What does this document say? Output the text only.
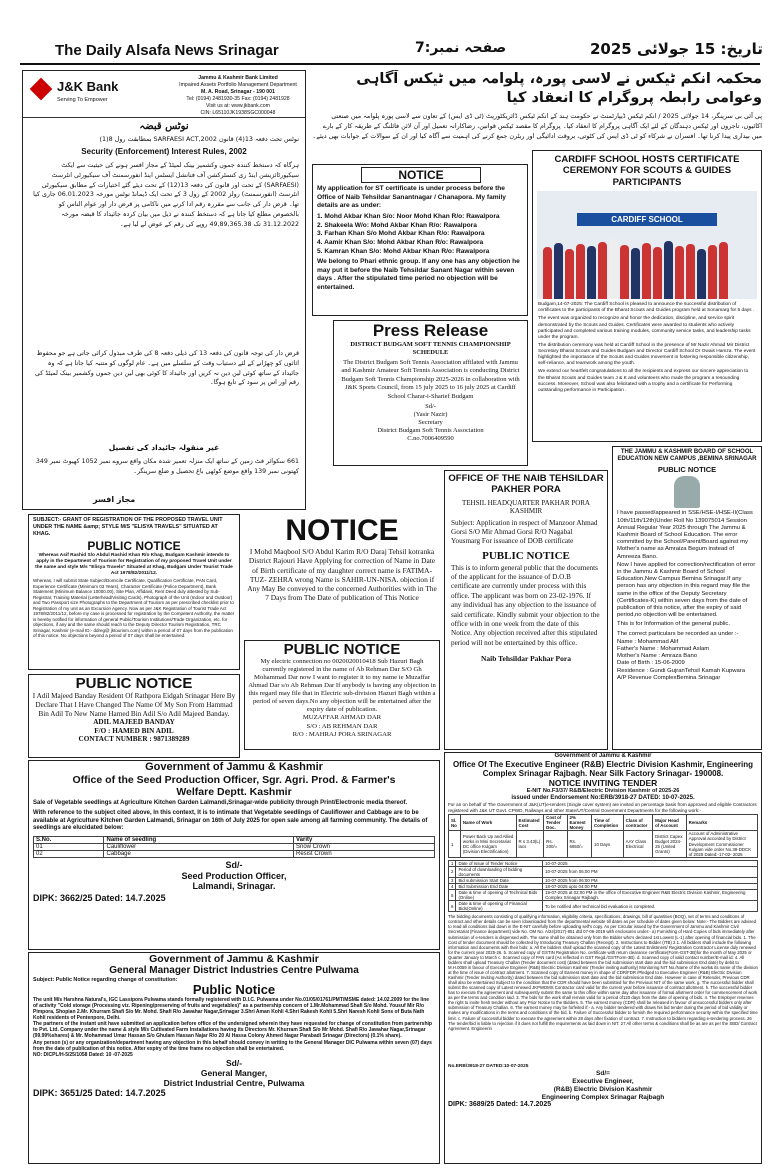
The Daily Alsafa News Srinagar	صفحہ نمبر:7	تاریخ: 15 جولائی 2025
J&K Bank
Serving To Empower
Jammu & Kashmir Bank Limited
Impaired Assets Portfolio Management Department
M. A. Road, Srinagar - 190 001
Tel: (0194) 2481930-35 Fax: (0194) 2481928
Visit us at: www.jkbank.com
CIN: L65110JK1938SGC000048
نوٹس قبضہ
نوٹس تحت دفعہ 13(4) قانون SARFAESI ACT,2002 بمطابقت رول 8(1)
Security (Enforcement) Interest Rules, 2002
ہرگاہ کہ دستخط کنندہ جموں وکشمیر بینک لمیٹڈ کے مجاز افسر ہونے کی حیثیت سے ایکٹ سیکیورٹائزیشن اینڈ ری کنسٹرکشن آف فنانشل ایسٹس اینڈ انفورسمنٹ آف سیکیورٹی انٹرسٹ (SARFAESI) کے تحت اور قانون کی دفعہ 13(12) کے تحت دیئے گئے اختیارات کے مطابق سیکیورٹی انٹرسٹ (انفورسمنٹ) رولز 2002 کے رول 3 کے تحت ایک ڈیمانڈ نوٹس مورخہ 06.01.2023 جاری کیا تھا۔ قرض دار کی جانب سے مقررہ رقم ادا کرنے میں ناکامی پر قرض دار اور عوام الناس کو بالخصوص مطلع کیا جاتا ہے کہ دستخط کنندہ نے ذیل میں بیان کردہ جائیداد کا قبضہ مورخہ 31.12.2022 تک 49,89,365.38 روپے کی رقم کے عوض لے لیا ہے۔
قرض دار کی توجہ قانون کی دفعہ 13 کی ذیلی دفعہ 8 کی طرف مبذول کرائی جاتی ہے جو محفوظ اثاثوں کو چھڑانے کے لئے دستیاب وقت کے سلسلے میں ہے۔ عام لوگوں کو متنبہ کیا جاتا ہے کہ وہ جائیداد کے ساتھ کوئی لین دین نہ کریں اور جائیداد کا کوئی بھی لین دین جموں وکشمیر بینک لمیٹڈ کی رقم اور اس پر سود کے تابع ہوگا۔
غیر منقولہ جائیداد کی تفصیل
661 سکوائر فٹ زمین کے ساتھ ایک منزلہ تعمیر شدہ مکان واقع سروے نمبر 1052 کھیوٹ نمبر 349 کھتونی نمبر 139 واقع موضع کوٹھی باغ تحصیل و ضلع سرینگر۔
مجاز افسر
محکمہ انکم ٹیکس نے لاسی پورہ، پلوامہ میں ٹیکس آگاہی وعوامی رابطہ پروگرام کا انعقاد کیا
پی آئی بی سرینگر، 14 جولائی 2025 / انکم ٹیکس ڈیپارٹمنٹ نے حکومت ہند کے انکم ٹیکس ڈائریکٹوریٹ (ٹی ڈی ایس) کے تعاون سے لاسی پورہ پلوامہ میں صنعتی اکائیوں، تاجروں اور ٹیکس دہندگان کے لئے ایک آگاہی پروگرام کا انعقاد کیا۔ پروگرام کا مقصد ٹیکس قوانین، رضاکارانہ تعمیل اور آن لائن فائلنگ کے طریقہ کار کے بارے میں بیداری پیدا کرنا تھا۔ افسران نے شرکاء کو ٹی ڈی ایس کی کٹوتی، بروقت ادائیگی اور ریٹرن جمع کرنے کی اہمیت سے آگاہ کیا اور ان کے سوالات کے جوابات بھی دیئے۔
NOTICE
My application for ST certificate is under process before the Office of Naib Tehsildar Sanantnagar / Chanapora. My family details are as under:
1. Mohd Akbar Khan S/o: Noor Mohd Khan R/o: Rawalpora
2. Shakeela W/o: Mohd Akbar Khan R/o: Rawalpora
3. Farhan Khan S/o Mohd Akbar Khan R/o: Rawalpora
4. Aamir Khan S/o: Mohd Akbar Khan R/o: Rawalpora
5. Kamran Khan S/o: Mohd Akbar Khan R/o: Rawalpora
We belong to Phari ethnic group. If any one has any objection he may put it before the Naib Tehsildar Sanant Nagar within seven days . After the stipulated time period no objection will be entertained.
CARDIFF SCHOOL HOSTS CERTIFICATE CEREMONY FOR SCOUTS & GUIDES PARTICIPANTS
CARDIFF SCHOOL
Budgam,14-07-2025: The Cardiff School is pleased to announce the successful distribution of certificates to the participants of the Bharat Scouts and Guides program held at Sonamarg for 5 days .
The event was organized to recognize and honor the dedication, discipline, and service spirit demonstrated by the Scouts and Guides. Certificates were awarded to students who actively participated and completed various training modules, community service tasks, and leadership tasks under the program.
The distribution ceremony was held at Cardiff School in the presence of Mr Nazir Ahmad Mir District Secretary Bharat Scouts and Guides Budgam and Director Cardiff School Dr Owais Hamza. The event highlighted the importance of the Scouts and Guides movement in fostering responsible citizenship, self-reliance, and teamwork among the youth.
We extend our heartfelt congratulations to all the recipients and express our sincere appreciation to the Bharat Scouts and Guides team J & K and volunteers who made the program a resounding success. Moreover, School was also felicitated with a trophy and a certificate for Performing outstanding performance in Participation .
Press Release
DISTRICT BUDGAM SOFT TENNIS CHAMPIONSHIP SCHEDULE
The District Budgam Soft Tennis Association affilated with Jammu and Kashmir Amateur Soft Tennis Association is conducting District Budgam Soft Tennis Championship 2025-2026 in collaboration with J&K Sports Council, from 15 july 2025 to 16 july 2025 at Cardiff School Charar-i-Sharief Budgam
Sd/-
(Yasir Nazir)
Secretary
District Budgam Soft Tennis Association
C.no.7006409590
SUBJECT:- GRANT OF REGISTRATION OF THE PROPOSED TRAVEL UNIT UNDER THE NAME &amp; STYLE M/S "ELISYA TRAVELS" SITUATED AT KHAG.
PUBLIC NOTICE
Whereas Asif Rashid S/o Abdul Rashid Khan R/o Khag, Budgam Kashmir intends to apply in the Department of Tourism for Registration of my proposed Travel Unit under the name and style M/s "Elisya Travels" Situated at Khag, Budgam Under Tourist Trade Act 1978/82/2011/12.
Whereas, I will submit State Subject/Domicile Certificate, Qualification Certificate, PAN Card, Experience Certificate (Minimum 03 Years), Character Certificate (Police Department), Bank Statement (Minimum Balance 10000.00), Site Plan, Affidavit, Rent Deed duly attested by Sub- Registrar, Training Material (Letterhead/Visiting Cards), Photograph of the Unit (Indoor and Outdoor) and Two Passport size Photographs to the Department of Tourism as per prescribed checklist prior to Registration of my unit as an Excursion Agency. Now as per J&K Registration of Tourist Trade Act 1978/82/2011/12, before my case is processed for registration by the Competent Authority, the matter is hereby notified for information of general Public/Tourism Institutions/Trade Organization, etc. for objections, if any and the same should reach to the Deputy Director Tourism Registration, TRC Srinagar, Kashmir (e-mail ID:- ddreg@ jktourism.com) within a period of 07 days from the publication of this notice. No objections beyond a period of 07 days shall be entertained.
NOTICE
I Mohd Maqbool S/O Abdul Karim R/O Daraj Tehsil kotranka District Rajouri Have Applying for correction of Name in Date of Birth certificate of my daughter correct name is FATIMA-TUZ- ZEHRA wrong Name is SAHIR-UN-NISA. objection if Any May Be conveyed to the concerned Authorities with in The 7 Days from The Date of publication of This Notice
OFFICE OF THE NAIB TEHSILDAR PAKHER PORA
TEHSIL HEADQUARTER PAKHAR PORA KASHMIR
Subject: Application in respect of Manzoor Ahmad Gorsi S/O Mir Ahmad Gorsi R/O Nagabal Yousmarg For issuance of DOB certificate
PUBLIC NOTICE
This is to inform general public that the documents of the applicant for the issuance of D.O.B certificate are currently under process with this office. The applicant was born on 23-02-1976. If any individual has any objection to the issuance of said certificate. Kindly submit your objection to the office with in one week from the date of this Notice. Any objection received after this stipulated period will not be entertained by this office.
Naib Tehsildar Pakhar Pora
THE JAMMU & KASHMIR BOARD OF SCHOOL EDUCATION NEW CAMPUS ,BEMINA SRINAGAR
PUBLIC NOTICE
I have passed/appeared in SSE/HSE-I/HSE-II(Class 10th/11th/12th)Under Roll No 139075014 Session Annual Regular Year 2025 through The Jammu & Kashmir Board of School Education. The error committed by the School/Parent/Board against my Mother's name as Amraiza Begum instead of Amreeza Bano.
Now I have applied for correction/rectification of error in the Jammu & Kashmir Board of School Education,New Campus Bemina Srinagar.If any person has any objection in this regard may file the same in the office of the Deputy Secretary (Certificates-K) within seven days from the date of publication of this notice, after the expiry of said period,no objection will be entertained.
This is for Information of the general public.
The correct particulars be recorded as under :-
Name : Mohammad Alif
Father's Name : Mohammad Aslam
Mother's Name : Amraza Bano
Date of Birth : 15-06-2009
Residence : Gundi GujranTehsil Kamah Kupwara
A/P Revenue ComplexBemina Srinagar
PUBLIC NOTICE
I Adil Majeed Banday Resident Of Rathpora Eidgah Srinagar Here By Declare That I Have Changed The Name Of My Son From Hammad Bin Adil To New Name Hamed Bin Adil S/o Adil Majeed Banday.
ADIL MAJEED BANDAY
F/O : HAMED BIN ADIL
CONTACT NUMBER : 9871389289
PUBLIC NOTICE
My electric connection no 0020020010418 Sub Hazuri Bagh currently registered in the name of Ab Rehman Dar S/O Gh Mohammad Dar now I want to register it to my name ie Muzaffar Ahmad Dar s/o Ab Rehman Dar If anybody is having any objection in this regard may file that in Electric sub-division Hazuri Bagh within a period of seven days.No any objection will be entertained after the expiry date of publication.
MUZAFFAR AHMAD DAR
S/O : AB REHMAN DAR
R/O : MAHRAJ PORA SRINAGAR
Government of Jammu & Kashmir
Office of the Seed Production Officer, Sgr. Agri. Prod. & Farmer's Welfare Deptt. Kashmir
Sale of Vegetable seedlings at Agriculture Kitchen Garden Lalmandi,Srinagar-wide publicity through Print/Electronic media thereof.
With reference to the subject cited above, In this context, It is to intimate that Vegetable seedlings of Cauliflower and Cabbage are to be available at Agriculture Kitchen Garden Lalmandi, Srinagar on 16th of July 2025 for open sale among all farming community. The details of seedlings are elucidated below:
S.No.	Name of seedling	Varity
01	Cauliflower	Snow Crown
02	Cabbage	Resist Crown
Sd/-
Seed Production Officer,
Lalmandi, Srinagar.
DIPK: 3662/25 Dated: 14.7.2025
Government of Jammu & Kashmir
General Manager District Industries Centre Pulwama
Subject: Public Notice regarding change of constitution:
Public Notice
The unit M/s Harshna Natural's, IGC Lassipora Pulwama stands formally registered with D.I.C. Pulwama under No.01/05/01761/PMT/MSME dated: 14.02.2009 for the line of activity "Cold storage (Processing viz. Ripening/preserving of fruits and vegetables)" as a partnership concern of 1.Mr.Mohammad Shafi S/o Mohd. Yousuf Mir R/o Pimpora, Shopian 2.Mr. Khurram Shafi S/o Mr. Mohd. Shafi R/o Jawahar Nagar,Srinagar 3.Shri Aman Kohli 4.Shri Rakesh Kohli 5.Shri Naresh Kohli Sons of Buta Nath Kohli residents of Pentenpore, Delhi.
The partners of the instant unit have submitted an application before office of the undersigned wherein they have requested for change of constitution from partnership to Pvt. Ltd. Company under the name & style M/s Cultivated Farm Installations having its Directors Mr. Khurram Shafi S/o Mr Mohd. Shafi R/o Jawahar Nagar,Srinagar (99.99%shares) & Mr. Mohammad Umar Hassan S/o Ghulam Hassan Najar R/o 20 Al Hassa Colony Ahmed Nagar Parabadi Srinagar (Directors) (0.1% share).
Any person (s) or any organization/department having any objection in this behalf should convey in writing to the General Manager DIC Pulwama within seven (07) days from the date of publication of this notice. After expiry of the time frame no objection shall be entertained.
NO: DICPL/H-5/25/1058 Dated: 10 -07-2025
Sd/-
General Manger,
District Industrial Centre, Pulwama
DIPK: 3651/25 Dated: 14.7.2025
Government of Jammu & Kashmir
Office Of The Executive Engineer (R&B) Electric Division Kashmir, Engineering Complex Srinagar Rajbagh. Near Silk Factory Srinagar- 190008.
NOTICE INVITING TENDER
E-NIT No.F3/37/ R&B/Electric Division Kashmir of 2025-26
issued under Endorsement No:ERB/3918-27 DATED: 10-07-2025.
For an on behalf of The Government of J&K(UT)e-tenders (Single cover system) are invited on percentage basis from approved and eligible Contractors registered with J&K UT Govt. CPWD, Railways and other State/UT/Central Government Departments for the following work:-
Sl. No	Name of Work	Estimated Cost	Cost of Tender Doc.	2% Earnest Money	Time of Completion	Class of contractor	Major Head of Account	Remarks
1	Power Back Up and Allied works in Mini Secretariat DC office Kulgam (Division Electrification)	R s 3.43(L) lacs	Rs. 200/=	Rs. 6850/=	10 Days	AAY Class Electrical	District Capex Budget 2024-25 (United Grants)	Account of Administrative Approval accorded by District Development Commissioner Kulgam vide order No.38-DDCK of 2025 Dated:-17-02- 2025
1	Date of Issue of Tender Notice	10-07-2025
2	Period of downloading of bidding documents	10-07-2025 from 06:00 PM
3	Bid submission Start Date	10-07-2025 from 06:00 PM
4	Bid Submission End Date	18-07-2025 upto 04:00 PM
5	Date & time of opening of Technical Bids (Online)	19-07-2025 at 02:00 PM in the office of Executive Engineer R&B Electric Division Kashmir, Engineering Complex Srinagar Rajbagh.
6	Date & time of opening of Financial Bids(Online)	To be notified after technical bid evaluation is completed.
The bidding documents consisting of qualifying information, eligibility criteria, specifications, drawings, bill of quantities (BOQ), set of terms and conditions of contract and other details can be seen /downloaded from the departmental website till dates as per schedule of dates given below: Note:- The Bidders are advised to read all conditions laid down in the E-NIT carefully before uploading self's copy. As per Circular issued by the Government of Jammu and Kashmir Civil Secretariat (Finance department) vide No. OM No. A/24(2017)-851 dtd 07-06-2019 with enclosures under:- a) Furnishing of Hard Copies of bids immediately after submission of e-tenders is dispensed with. The same shall be obtained only from the Bidder who's declared 1st Lowest (L-1) after opening of financial bids. 1. The Cost of tender document should be collected by Introducing Treasury Challan (Receipt). 2. Instructions to Bidder (ITB) 2.1. All bidders shall include the following information and documents with their bids: a. All the bidders shall upload the scanned copy of the Latest Enlistment/ Registration Contractor License duly renewed for the current year 2025-26. b. Scanned copy of GSTIN Registration No. certificate with return clearance certificate(Form-GST-3B)for the month of May 2025 or Quarter January to March c. Scanned copy of PAN card (As reflected in GST Regd./GSTForm-3B). d. Scanned copy of valid contact number/E-mail id. 4. All bidders shall upload Treasury Challan (Tender document cost) (dated between the bid submission start date and the bid submission End date) by debit to M.H.0059 in favour of Executive Engineer (R&B) Electric Division Kashmir (Tender inviting authority) Monitoring NIT No./Name of the work& its name of the division at the time of issue of contract allotment. 7. Scanned copy of Earnest money in shape of CDR/FDR /Pledged to Executive Engineer (R&B) Electric Division Kashmir (Tender Inviting Authority) dated between the bid submission start date and the bid submission End date. However in case of Retender, Previous CDR shall also be entertained Subject to the condition that the CDR should have been submitted for the Previous NIT of the same work. g. The successful bidder shall submit the scanned copy of Latest renewed JKPWDMS Contractor card valid for the current year before issuance of contract allotment. h. The successful bidder has to execute the agreement and subsequently submit the same to this office within same day after issuance of formal allotment order for commencement of work as per the terms and condition laid. 3. The bids for the work shall remain valid for a period of120 days from the date of opening of bids. 4. The Employer reserves the right to invite fresh tender without any Prior Notice to the Bidders. 5. The earnest money (CDR) shall be released in favour of unsuccessful bidders only after submission of Treasury Challan. 6. The earnest money may be forfeited if:- a. Any bidder tendered with draws his bid tender during the period of bid validity or makes any modifications in the terms and conditions of the bid. b. Failure of Successful bidder to furnish the required performance security within the specified time limit. c. Failure of successful bidder to execute the agreement within 28 days after fixation of contract. 7. Instruction to bidders regarding e-tendering process. 26 The tender/bid is liable to rejection if it does not fulfill the requirements as laid down in NIT. 27 All other terms & conditions shall be as are as per the SBD/ Contract Agreement. Engineerin
No.ERB/3918-27 DATED:10-07-2025
Sd/=
Executive Engineer,
(R&B) Electric Division Kashmir
Engineering Complex Srinagar Rajbagh
DIPK: 3689/25 Dated: 14.7.2025
